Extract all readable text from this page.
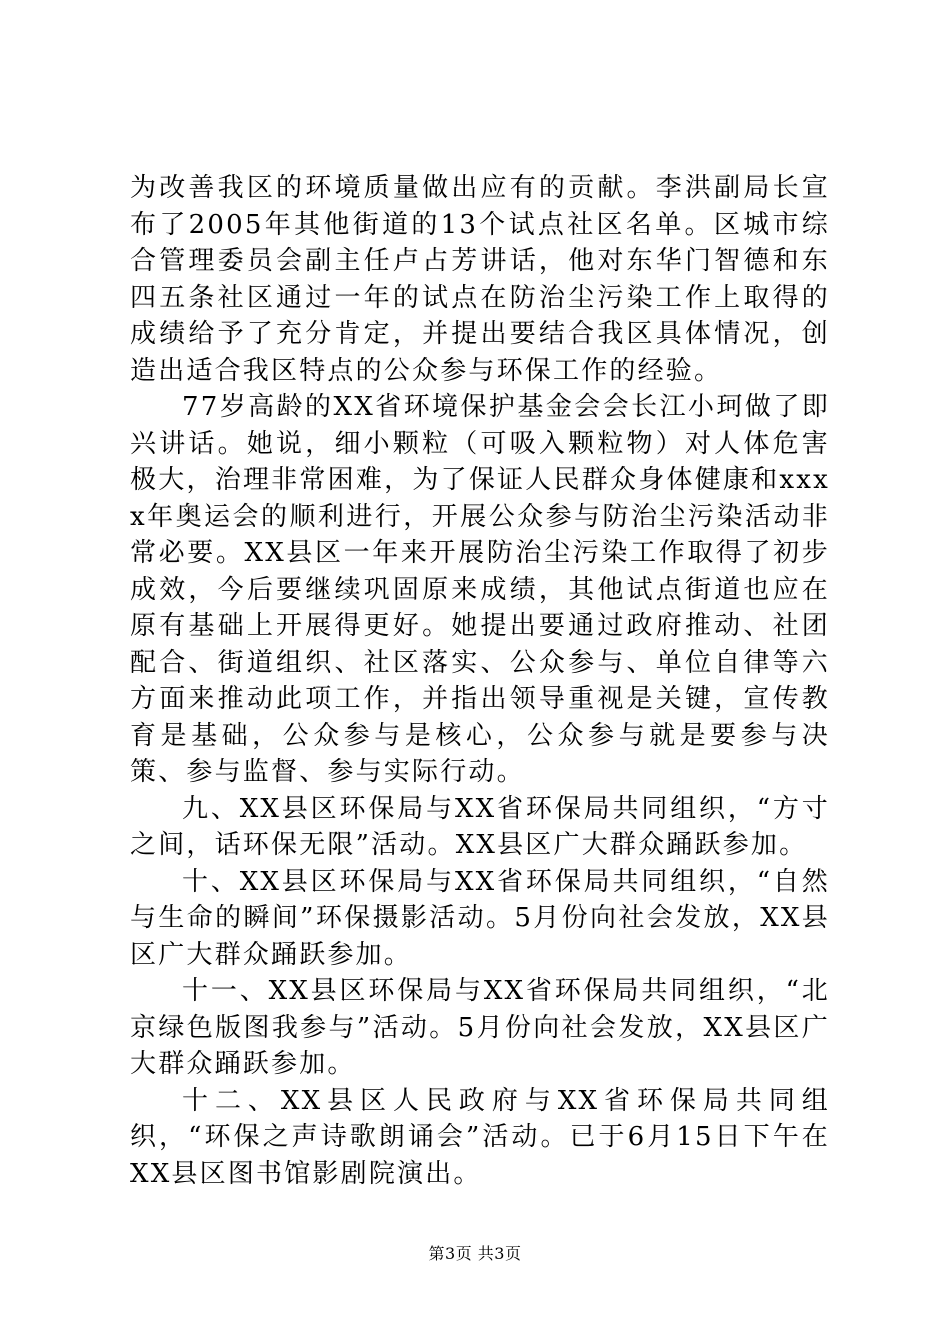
为改善我区的环境质量做出应有的贡献。李洪副局长宣布了2005年其他街道的13个试点社区名单。区城市综合管理委员会副主任卢占芳讲话，他对东华门智德和东四五条社区通过一年的试点在防治尘污染工作上取得的成绩给予了充分肯定，并提出要结合我区具体情况，创造出适合我区特点的公众参与环保工作的经验。

77岁高龄的XX省环境保护基金会会长江小珂做了即兴讲话。她说，细小颗粒（可吸入颗粒物）对人体危害极大，治理非常困难，为了保证人民群众身体健康和xxxx年奥运会的顺利进行，开展公众参与防治尘污染活动非常必要。XX县区一年来开展防治尘污染工作取得了初步成效，今后要继续巩固原来成绩，其他试点街道也应在原有基础上开展得更好。她提出要通过政府推动、社团配合、街道组织、社区落实、公众参与、单位自律等六方面来推动此项工作，并指出领导重视是关键，宣传教育是基础，公众参与是核心，公众参与就是要参与决策、参与监督、参与实际行动。

九、XX县区环保局与XX省环保局共同组织，“方寸之间，话环保无限”活动。XX县区广大群众踊跃参加。

十、XX县区环保局与XX省环保局共同组织，“自然与生命的瞬间”环保摄影活动。5月份向社会发放，XX县区广大群众踊跃参加。

十一、XX县区环保局与XX省环保局共同组织，“北京绿色版图我参与”活动。5月份向社会发放，XX县区广大群众踊跃参加。

十二、XX县区人民政府与XX省环保局共同组织，“环保之声诗歌朗诵会”活动。已于6月15日下午在XX县区图书馆影剧院演出。

第3页 共3页
